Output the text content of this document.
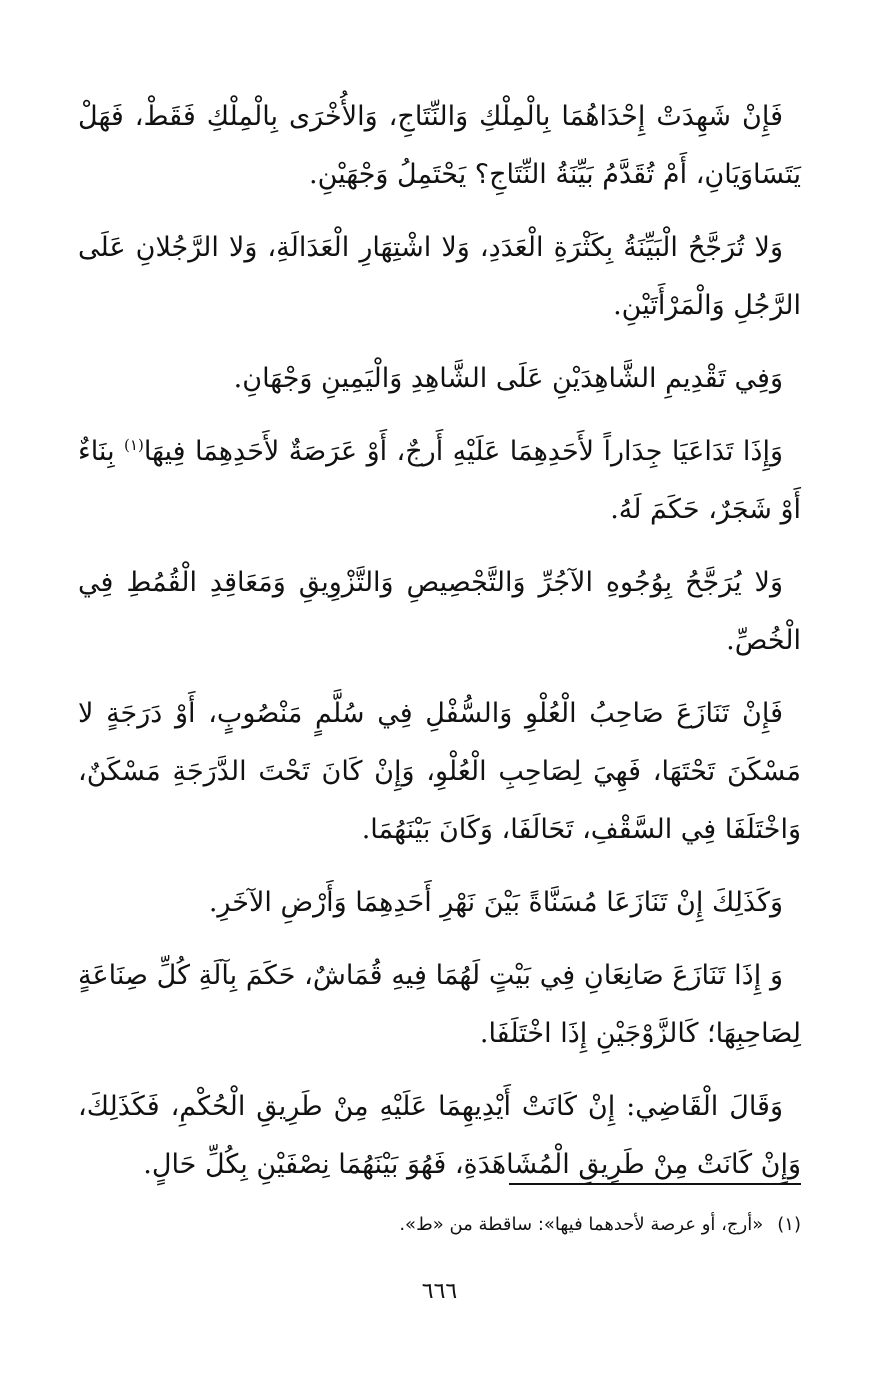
فَإِنْ شَهِدَتْ إِحْدَاهُمَا بِالْمِلْكِ وَالنِّتَاجِ، وَالأُخْرَى بِالْمِلْكِ فَقَطْ، فَهَلْ يَتَسَاوَيَانِ، أَمْ تُقَدَّمُ بَيِّنَةُ النِّتَاجِ؟ يَحْتَمِلُ وَجْهَيْنِ.

وَلا تُرَجَّحُ الْبَيِّنَةُ بِكَثْرَةِ الْعَدَدِ، وَلا اشْتِهَارِ الْعَدَالَةِ، وَلا الرَّجُلانِ عَلَى الرَّجُلِ وَالْمَرْأَتَيْنِ.

وَفِي تَقْدِيمِ الشَّاهِدَيْنِ عَلَى الشَّاهِدِ وَالْيَمِينِ وَجْهَانِ.

وَإِذَا تَدَاعَيَا جِدَاراً لأَحَدِهِمَا عَلَيْهِ أَرجٌ، أَوْ عَرَصَةٌ لأَحَدِهِمَا فِيهَا$^{(١)}$ بِنَاءٌ أَوْ شَجَرٌ، حَكَمَ لَهُ.

وَلا يُرَجَّحُ بِوُجُوهِ الآجُرِّ وَالتَّجْصِيصِ وَالتَّزْوِيقِ وَمَعَاقِدِ الْقُمُطِ فِي الْخُصِّ.

فَإِنْ تَنَازَعَ صَاحِبُ الْعُلْوِ وَالسُّفْلِ فِي سُلَّمٍ مَنْصُوبٍ، أَوْ دَرَجَةٍ لا مَسْكَنَ تَحْتَهَا، فَهِيَ لِصَاحِبِ الْعُلْوِ، وَإِنْ كَانَ تَحْتَ الدَّرَجَةِ مَسْكَنٌ، وَاخْتَلَفَا فِي السَّقْفِ، تَحَالَفَا، وَكَانَ بَيْنَهُمَا.

وَكَذَلِكَ إِنْ تَنَازَعَا مُسَنَّاةً بَيْنَ نَهْرِ أَحَدِهِمَا وَأَرْضِ الآخَرِ.

وَ إِذَا تَنَازَعَ صَانِعَانِ فِي بَيْتٍ لَهُمَا فِيهِ قُمَاشٌ، حَكَمَ بِآلَةِ كُلِّ صِنَاعَةٍ لِصَاحِبِهَا؛ كَالزَّوْجَيْنِ إِذَا اخْتَلَفَا.

وَقَالَ الْقَاضِي: إِنْ كَانَتْ أَيْدِيهِمَا عَلَيْهِ مِنْ طَرِيقِ الْحُكْمِ، فَكَذَلِكَ، وَإِنْ كَانَتْ مِنْ طَرِيقِ الْمُشَاهَدَةِ، فَهُوَ بَيْنَهُمَا نِصْفَيْنِ بِكُلِّ حَالٍ.

(١)«أرج، أو عرصة لأحدهما فيها»: ساقطة من «ط».
٦٦٦
